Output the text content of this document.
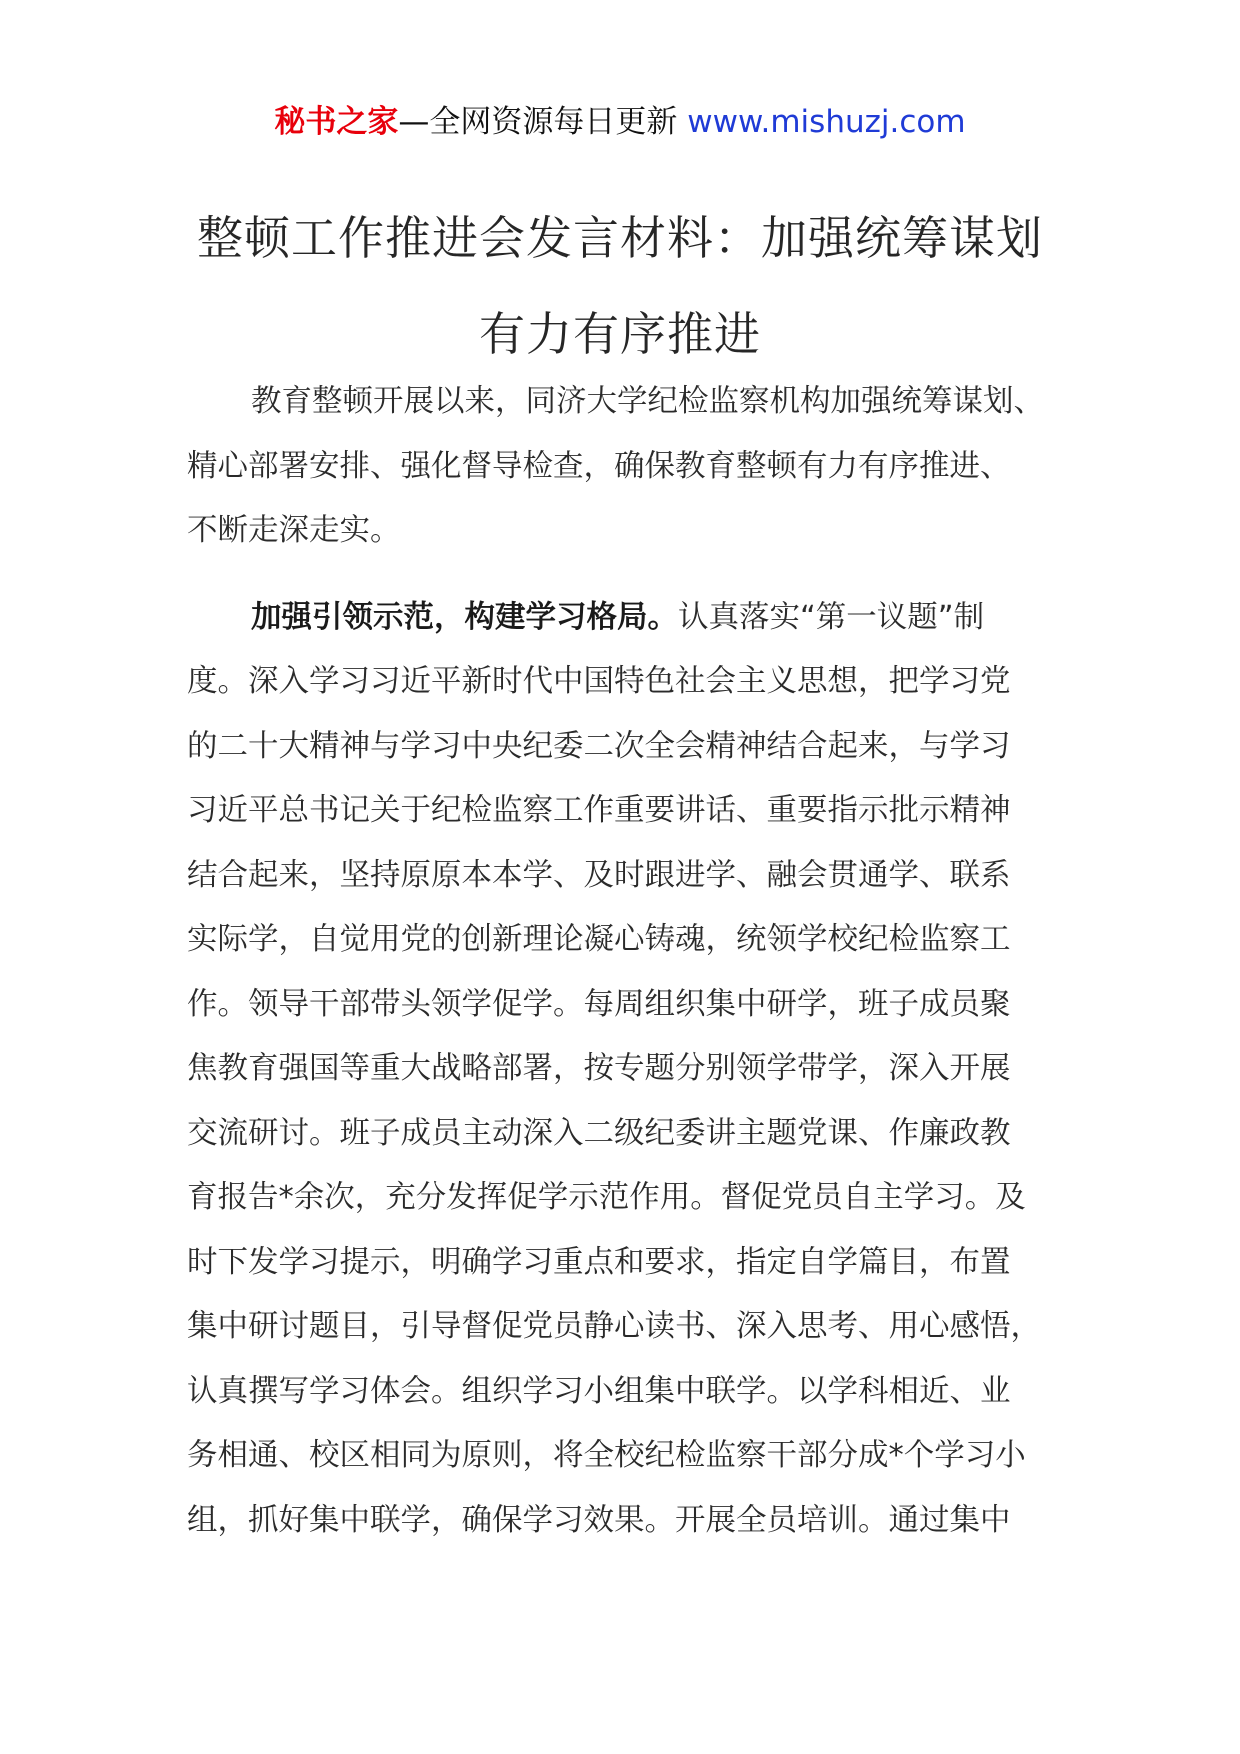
秘书之家—全网资源每日更新 www.mishuzj.com
整顿工作推进会发言材料：加强统筹谋划
有力有序推进

教育整顿开展以来，同济大学纪检监察机构加强统筹谋划、
精心部署安排、强化督导检查，确保教育整顿有力有序推进、
不断走深走实。

加强引领示范，构建学习格局。认真落实“第一议题”制
度。深入学习习近平新时代中国特色社会主义思想，把学习党
的二十大精神与学习中央纪委二次全会精神结合起来，与学习
习近平总书记关于纪检监察工作重要讲话、重要指示批示精神
结合起来，坚持原原本本学、及时跟进学、融会贯通学、联系
实际学，自觉用党的创新理论凝心铸魂，统领学校纪检监察工
作。领导干部带头领学促学。每周组织集中研学，班子成员聚
焦教育强国等重大战略部署，按专题分别领学带学，深入开展
交流研讨。班子成员主动深入二级纪委讲主题党课、作廉政教
育报告*余次，充分发挥促学示范作用。督促党员自主学习。及
时下发学习提示，明确学习重点和要求，指定自学篇目，布置
集中研讨题目，引导督促党员静心读书、深入思考、用心感悟，
认真撰写学习体会。组织学习小组集中联学。以学科相近、业
务相通、校区相同为原则，将全校纪检监察干部分成*个学习小
组，抓好集中联学，确保学习效果。开展全员培训。通过集中
